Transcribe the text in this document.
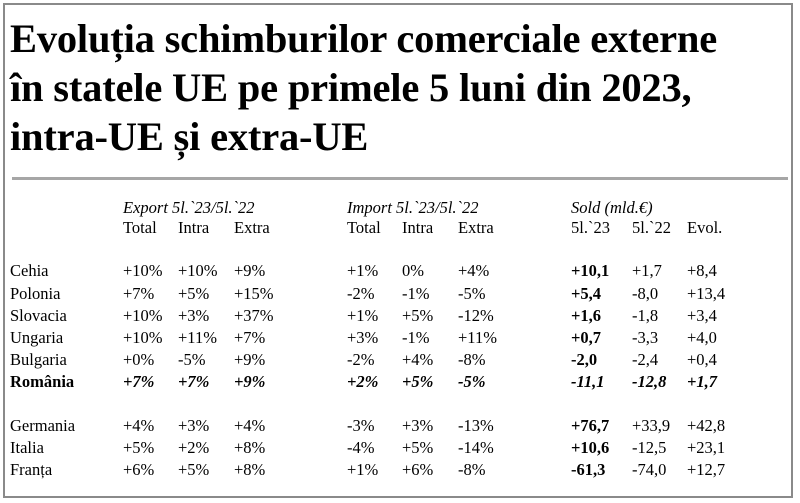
Evoluția schimburilor comerciale externe
în statele UE pe primele 5 luni din 2023,
intra-UE și extra-UE
Export 5l.`23/5l.`22	Import 5l.`23/5l.`22	Sold (mld.€)
Total Intra Extra	Total Intra Extra	5l.`23 5l.`22 Evol.
Cehia	+10% +10% +9%	+1% 0% +4%	+10,1 +1,7 +8,4
Polonia	+7% +5% +15%	-2% -1% -5%	+5,4 -8,0 +13,4
Slovacia	+10% +3% +37%	+1% +5% -12%	+1,6 -1,8 +3,4
Ungaria	+10% +11% +7%	+3% -1% +11%	+0,7 -3,3 +4,0
Bulgaria	+0% -5% +9%	-2% +4% -8%	-2,0 -2,4 +0,4
România	+7% +7% +9%	+2% +5% -5%	-11,1 -12,8 +1,7
Germania	+4% +3% +4%	-3% +3% -13%	+76,7 +33,9 +42,8
Italia	+5% +2% +8%	-4% +5% -14%	+10,6 -12,5 +23,1
Franța	+6% +5% +8%	+1% +6% -8%	-61,3 -74,0 +12,7
